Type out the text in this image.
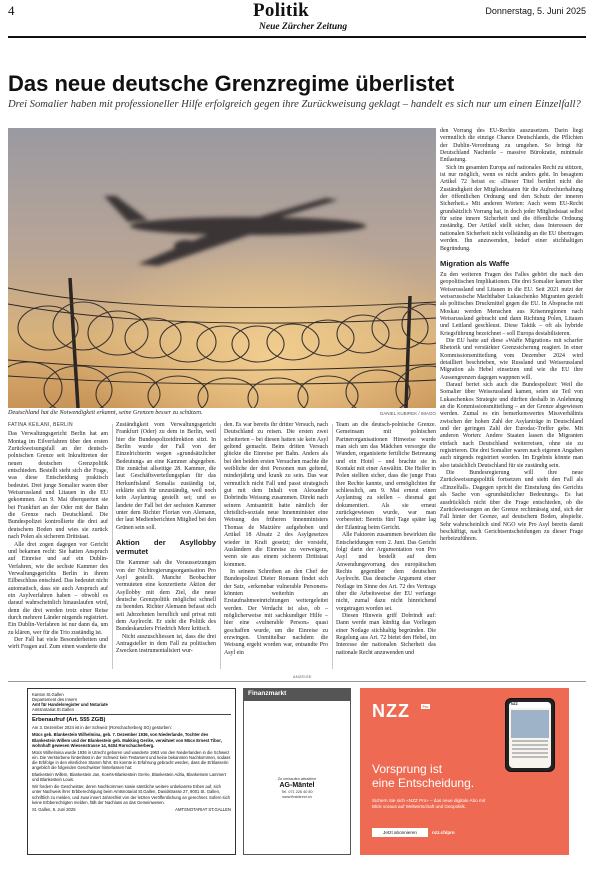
4	Politik
Neue Zürcher Zeitung
Donnerstag, 5. Juni 2025
Das neue deutsche Grenzregime überlistet
Drei Somalier haben mit professioneller Hilfe erfolgreich gegen ihre Zurückweisung geklagt – handelt es sich nur um einen Einzelfall?
Deutschland hat die Notwendigkeit erkannt, seine Grenzen besser zu schützen.	DANIEL KUBIREK / IMAGO

den Vorrang des EU-Rechts auszusetzen. Darin liegt vermutlich die einzige Chance Deutschlands, die Pflichten der Dublin-Verordnung zu umgehen. So bringt für Deutschland Nachteile – massive Bürokratie, minimale Entlastung.

Sich im gesamten Europa auf nationales Recht zu stützen, ist nur möglich, wenn es nicht anders geht. In besagtem Artikel 72 heisst es: «Dieser Titel berührt nicht die Zuständigkeit der Mitgliedstaaten für die Aufrechterhaltung der öffentlichen Ordnung und den Schutz der inneren Sicherheit.» Mit anderen Worten: Auch wenn EU-Recht grundsätzlich Vorrang hat, in doch jeder Mitgliedstaat selbst für seine innere Sicherheit und die öffentliche Ordnung zuständig. Der Artikel stellt sicher, dass Interessen der nationalen Sicherheit nicht vollständig an die EU übertragen werden. Ihn anzuwenden, bedarf einer stichhaltigen Begründung.

Migration als Waffe

Zu den weiteren Fragen des Falles gehört die nach den geopolitischen Implikationen. Die drei Somalier kamen über Weissrussland und Litauen in die EU. Seit 2021 nutzt der weissrussische Machthaber Lukaschenko Migranten gezielt als politisches Druckmittel gegen die EU. In Absprache mit Moskau werden Menschen aus Krisenregionen nach Weissrussland gebracht und dann Richtung Polen, Litauen und Lettland geschleust. Diese Taktik – oft als hybride Kriegsführung bezeichnet – soll Europa destabilisieren.

Die EU hatte auf diese «Waffe Migration» mit scharfer Rhetorik und verstärkter Grenzsicherung reagiert. In einer Kommissionsmitteilung vom Dezember 2024 wird detailliert beschrieben, wie Russland und Weissrussland Migration als Hebel einsetzen und wie die EU ihre Aussengrenzen dagegen wappnen will.

Darauf beriet sich auch die Bundespolizei: Weil die Somalier über Weissrussland kamen, seien sie Teil von Lukaschenkos Strategie und dürften deshalb in Anlehnung an die Kommissionsmitteilung – an der Grenze abgewiesen werden. Zumal es ein bemerkenswertes Missverhältnis zwischen der hohen Zahl der Asylanträge in Deutschland und der geringen Zahl der Eurodac-Treffer gebe. Mit anderen Worten: Andere Staaten lassen die Migranten einfach nach Deutschland weiterreisen, ohne sie zu registrieren. Die drei Somalier waren nach eigenen Angaben auch nirgends registriert worden. Im Ergebnis könnte man also tatsächlich Deutschland für sie zuständig sein.

Die Bundesregierung will ihre neue Zurückweisungspolitik fortsetzen und sieht den Fall als «Einzelfall». Dagegen spricht die Einstufung des Gerichts als Sache von «grundsätzlicher Bedeutung». Es hat ausdrücklich nicht über die Frage entschieden, ob die Zurückweisungen an der Grenze rechtmässig sind, sich der Fall hinter der Grenze, auf deutschem Boden, abspielte. Sehr wahrscheinlich sind NGO wie Pro Asyl bereits damit beschäftigt, nach Gerichtsentscheidungen zu dieser Frage herbeizuführen.

FATINA KEILANI, BERLIN

Das Verwaltungsgericht Berlin hat am Montag im Eilverfahren über den ersten Zurückweisungsfall an der deutsch-polnischen Grenze seit Inkrafttreten der neuen deutschen Grenzpolitik entschieden. Bestellt steht sich die Frage, was diese Entscheidung praktisch bedeutet. Drei junge Somalier waren über Weissrussland und Litauen in die EU gekommen. Am 9. Mai überquerten sie bei Frankfurt an der Oder mit der Bahn die Grenze nach Deutschland. Die Bundespolizei kontrollierte die drei auf deutschem Boden und wies sie zurück nach Polen als sicherem Drittstaat.

Alle drei zogen dagegen vor Gericht und bekamen recht: Sie hatten Anspruch auf Einreise und auf ein Dublin-Verfahren, wie die sechste Kammer des Verwaltungsgerichts Berlin in ihrem Eilbeschluss entschied. Das bedeutet nicht automatisch, dass sie auch Anspruch auf ein Asylverfahren haben – obwohl es darauf wahrscheinlich hinauslaufen wird, denn die drei werden trotz einer Reise durch mehrere Länder nirgends registriert. Ein Dublin-Verfahren ist nur dann da, um zu klären, wer für die Trio zuständig ist.

Der Fall hat viele Besonderheiten und wirft Fragen auf. Zum einen wanderte die

Zuständigkeit vom Verwaltungsgericht Frankfurt (Oder) zu dem in Berlin, weil hier die Bundespolizeidirektion sitzt. In Berlin wurde der Fall von der Einzelrichterin wegen «grundsätzlicher Bedeutung» an eine Kammer abgegeben. Die zunächst allseitige 28. Kammer, die laut Geschäftsverteilungsplan für das Herkunftsland Somalia zuständig ist, erklärte sich für unzuständig, weil noch kein Asylantrag gestellt sei; und so landete der Fall bei der sechsten Kammer unter dem Richter Florian von Alemann, der laut Medienberichten Mitglied bei den Grünen sein soll.

Aktion der Asyllobby vermutet

Die Kammer sah die Voraussetzungen von der Nichtregierungsorganisation Pro Asyl gestellt. Manche Beobachter vermuteten eine konzertierte Aktion der Asyllobby mit dem Ziel, die neue deutsche Grenzpolitik möglichst schnell zu beenden. Richter Alemann befasst sich seit Jahrzehnten beruflich und privat mit dem Asylrecht. Er sieht die Politik des Bundeskanzlers Friedrich Merz kritisch.

Nicht auszuschliessen ist, dass die drei Antragsteller in dem Fall zu politischen Zwecken instrumentalisiert wur-

den. Es war bereits ihr dritter Versuch, nach Deutschland zu reisen. Die ersten zwei scheiterten – bei diesen hatten sie kein Asyl geltend gemacht. Beim dritten Versuch glückte die Einreise per Bahn. Anders als bei den beiden ersten Versuchen machte die weibliche der drei Personen nun geltend, minderjährig und krank zu sein. Das war vermutlich nicht Fall und passt strategisch gut mit dem Inhalt von Alexander Dobrindts Weisung zusammen. Direkt nach seinem Amtsantritt hatte nämlich der christlich-soziale neue Innenminister eine Weisung des früheren Innenministers Thomas de Maizière aufgehoben und Artikel 18 Absatz 2 des Asylgesetzes wieder in Kraft gesetzt; der vorsieht, Ausländern die Einreise zu verweigern, wenn sie aus einem sicheren Drittstaat kommen.

In seinem Schreiben an den Chef der Bundespolizei Dieter Romann findet sich der Satz, «erkennbar vulnerable Personen» könnten weiterhin an Erstaufnahmeeinrichtungen weitergeleitet werden. Der Verdacht ist also, ob – möglicherweise mit sachkundiger Hilfe – hier eine «vulnerable Person» quasi geschaffen wurde, um die Einreise zu erzwingen. Unmittelbar nachdem die Weisung ergeht worden war, entsandte Pro Asyl ein

Team an die deutsch-polnische Grenze. Gemeinsam mit polnischen Partnerorganisationen Hinweise wurde man sich um das Mädchen versorgte die Wunden, organisierte fertiliche Betreuung und ein Hotel – und brachte sie in Kontakt mit einer Anwältin. Die Helfer in Polen stellten sicher, dass die junge Frau ihre Rechte kannte, und ermöglichten ihr schliesslich, am 9. Mai erneut einen Asylantrag zu stellen – diesmal gut dokumentiert. Als sie erneut zurückgewiesen wurde, war man vorbereitet: Bereits fünf Tage später lag der Eilantrag beim Gericht.

Alle Faktoren zusammen bewirkten die Entscheidungen vom 2. Juni. Das Gericht folgt darin der Argumentation von Pro Asyl und bestellt auf dem Anwendungsvorrang des europäischen Rechts gegenüber dem deutschen Asylrecht. Das deutsche Argument einer Notlage im Sinne des Art. 72 des Vertrags über die Arbeitsweise der EU verfange nicht, zumal dazu nicht hinreichend vorgetragen worden sei.

Diesen Hinweis griff Dobrindt auf: Dann werde man künftig das Vorliegen einer Notlage stichhaltig begründen. Die Regelung aus Art. 72 bietet den Hebel, im Interesse der nationalen Sicherheit das nationale Recht anzuwenden und

ANZEIGE
Kanton St.Gallen
Departement des Innern
Amt für Handelsregister und Notariate
Amtsnotariat St.Gallen
Erbenaufruf (Art. 555 ZGB)

Am 3. Dezember 2024 ist in der Schweiz (Rorschacherberg SG) gestorben:

Mücs geb. Blankestein Wilhelmina, geb. 7. Dezember 1936, von Niederlande, Tochter des Blankestein Willem und der Blankestein geb. Makking Gerike, verwitwet von Mücs Ernest Tibor, wohnhaft gewesen Wiesenstrasse 14, 9404 Rorschacherberg.

Mücs Wilhelmina wurde 1936 in Utrecht geboren und wanderte 1963 von den Niederlanden in die Schweiz ein. Die Verstorbene hinterlässt in der Schweiz kein Testament und keine bekannten Nachkommen, sodass die Erbfolge in den elterlichen Stamm führt. Es konnte in Erfahrung gebracht werden, dass die Erblasserin angeblich die folgenden Geschwister hinterlassen hat:

Blankestein Willem, Blankestein Jan, Koerts-Blankestein Gerrie, Blankestein Adria, Blankestein Lammert und Blankestein Louis.

Wir fordern die Geschwister, deren Nachkommen sowie sämtliche weitere unbekannte Erben auf, sich unter Nachweis ihrer Erbberechtigung beim Amtsnotariat St.Gallen, Davidstrasse 27, 9001 St. Gallen, schriftlich zu melden, und zwar innert Jahresfrist von der letzten Veröffentlichung an gerechnet. Sofern sich keine Erbberechtigten melden, fällt der Nachlass an das Gemeinwesen.

St. Gallen, 5. Juni 2025	AMTSNOTARIAT ST.GALLEN
Finanzmarkt
Zu verkaufen attraktive
AG-Mäntel
Tel. 071 226 40 80
www.firstdirect.ch
NZZ	Pro
NZZ
Vorsprung ist
eine Entscheidung.
Sichern Sie sich «NZZ Pro» – das neue digitale Abo mit Blick voraus auf Weltwirtschaft und Geopolitik.
Jetzt abonnieren	nzz.ch/pro
